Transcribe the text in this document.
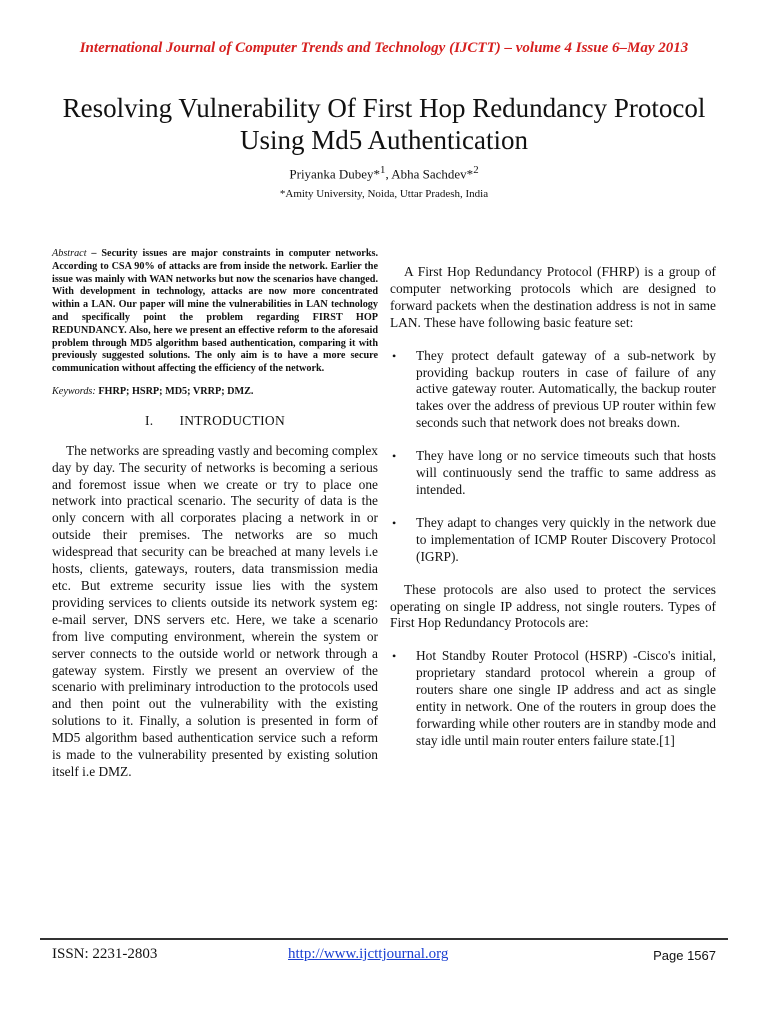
International Journal of Computer Trends and Technology (IJCTT) – volume 4 Issue 6–May 2013
Resolving Vulnerability Of First Hop Redundancy Protocol Using Md5 Authentication
Priyanka Dubey*$^1$, Abha Sachdev*$^2$
*Amity University, Noida, Uttar Pradesh, India

Abstract – Security issues are major constraints in computer networks. According to CSA 90% of attacks are from inside the network. Earlier the issue was mainly with WAN networks but now the scenarios have changed. With development in technology, attacks are now more concentrated within a LAN. Our paper will mine the vulnerabilities in LAN technology and specifically point the problem regarding FIRST HOP REDUNDANCY. Also, here we present an effective reform to the aforesaid problem through MD5 algorithm based authentication, comparing it with previously suggested solutions. The only aim is to have a more secure communication without affecting the efficiency of the network.

Keywords: FHRP; HSRP; MD5; VRRP; DMZ.

I. INTRODUCTION

The networks are spreading vastly and becoming complex day by day. The security of networks is becoming a serious and foremost issue when we create or try to place one network into practical scenario. The security of data is the only concern with all corporates placing a network in or outside their premises. The networks are so much widespread that security can be breached at many levels i.e hosts, clients, gateways, routers, data transmission media etc. But extreme security issue lies with the system providing services to clients outside its network system eg: e-mail server, DNS servers etc. Here, we take a scenario from live computing environment, wherein the system or server connects to the outside world or network through a gateway system. Firstly we present an overview of the scenario with preliminary introduction to the protocols used and then point out the vulnerability with the existing solutions to it. Finally, a solution is presented in form of MD5 algorithm based authentication service such a reform is made to the vulnerability presented by existing solution itself i.e DMZ.

A First Hop Redundancy Protocol (FHRP) is a group of computer networking protocols which are designed to forward packets when the destination address is not in same LAN. These have following basic feature set:

• They protect default gateway of a sub-network by providing backup routers in case of failure of any active gateway router. Automatically, the backup router takes over the address of previous UP router within few seconds such that network does not breaks down.
• They have long or no service timeouts such that hosts will continuously send the traffic to same address as intended.
• They adapt to changes very quickly in the network due to implementation of ICMP Router Discovery Protocol (IGRP).

These protocols are also used to protect the services operating on single IP address, not single routers. Types of First Hop Redundancy Protocols are:

• Hot Standby Router Protocol (HSRP) -Cisco's initial, proprietary standard protocol wherein a group of routers share one single IP address and act as single entity in network. One of the routers in group does the forwarding while other routers are in standby mode and stay idle until main router enters failure state.[1]
ISSN: 2231-2803	http://www.ijcttjournal.org	Page 1567
